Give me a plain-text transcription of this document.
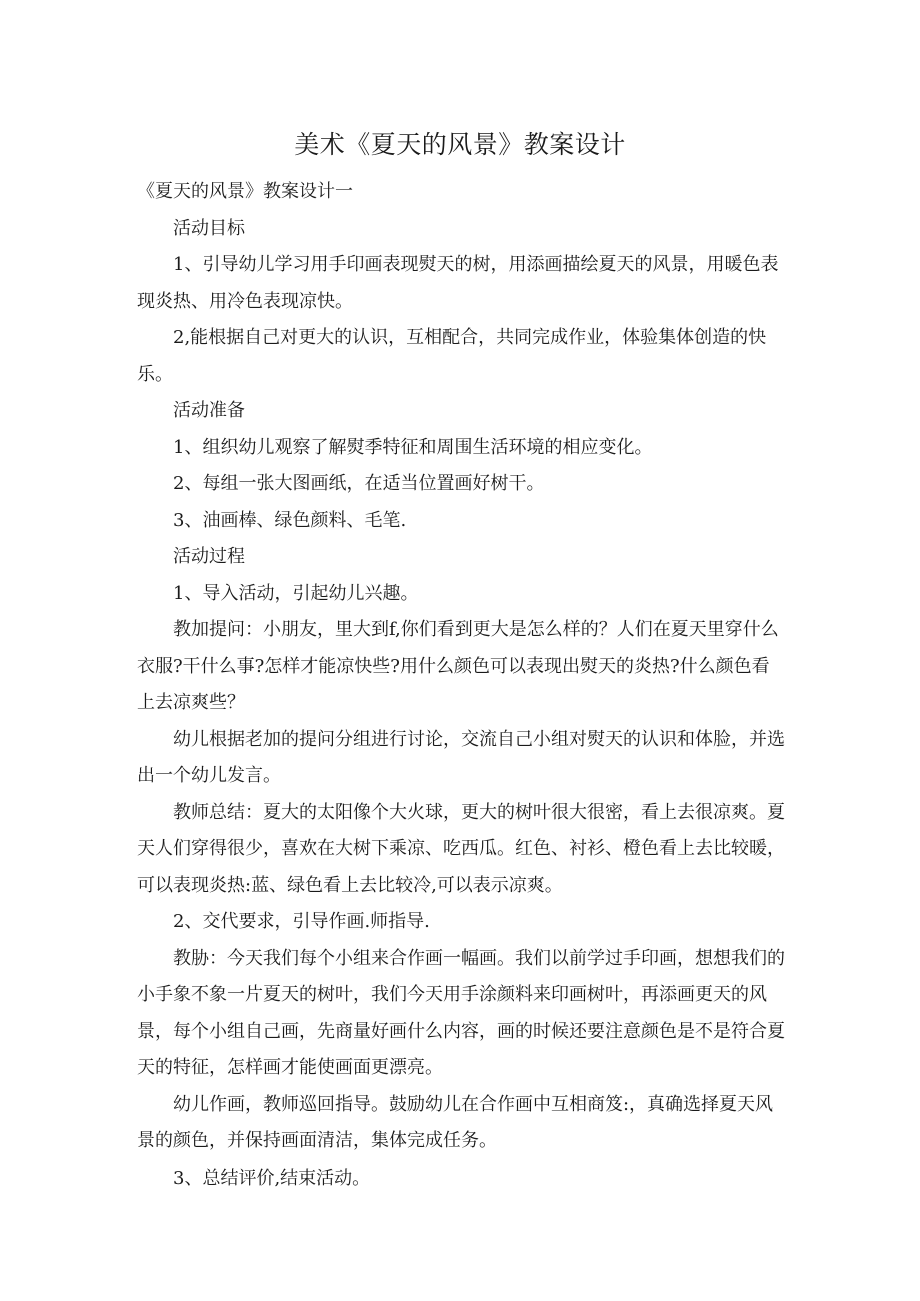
美术《夏天的风景》教案设计

《夏天的风景》教案设计一

活动目标

1、引导幼儿学习用手印画表现熨天的树，用添画描绘夏天的风景，用暖色表现炎热、用冷色表现凉快。

2,能根据自己对更大的认识，互相配合，共同完成作业，体验集体创造的快乐。

活动准备

1、组织幼儿观察了解熨季特征和周围生活环境的相应变化。

2、每组一张大图画纸，在适当位置画好树干。

3、油画棒、绿色颜料、毛笔.

活动过程

1、导入活动，引起幼儿兴趣。

教加提问：小朋友，里大到f,你们看到更大是怎么样的？人们在夏天里穿什么衣服?干什么事?怎样才能凉快些?用什么颜色可以表现出熨天的炎热?什么颜色看上去凉爽些？

幼儿根据老加的提问分组进行讨论，交流自己小组对熨天的认识和体脸，并选出一个幼儿发言。

教师总结：夏大的太阳像个大火球，更大的树叶很大很密，看上去很凉爽。夏天人们穿得很少，喜欢在大树下乘凉、吃西瓜。红色、衬衫、橙色看上去比较暖，可以表现炎热:蓝、绿色看上去比较冷,可以表示凉爽。

2、交代要求，引导作画.师指导.

教胁：今天我们每个小组来合作画一幅画。我们以前学过手印画，想想我们的小手象不象一片夏天的树叶，我们今天用手涂颜料来印画树叶，再添画更天的风景，每个小组自己画，先商量好画什么内容，画的时候还要注意颜色是不是符合夏天的特征，怎样画才能使画面更漂亮。

幼儿作画，教师巡回指导。鼓励幼儿在合作画中互相商笈:，真确选择夏天风景的颜色，并保持画面清洁，集体完成任务。

3、总结评价,结束活动。
